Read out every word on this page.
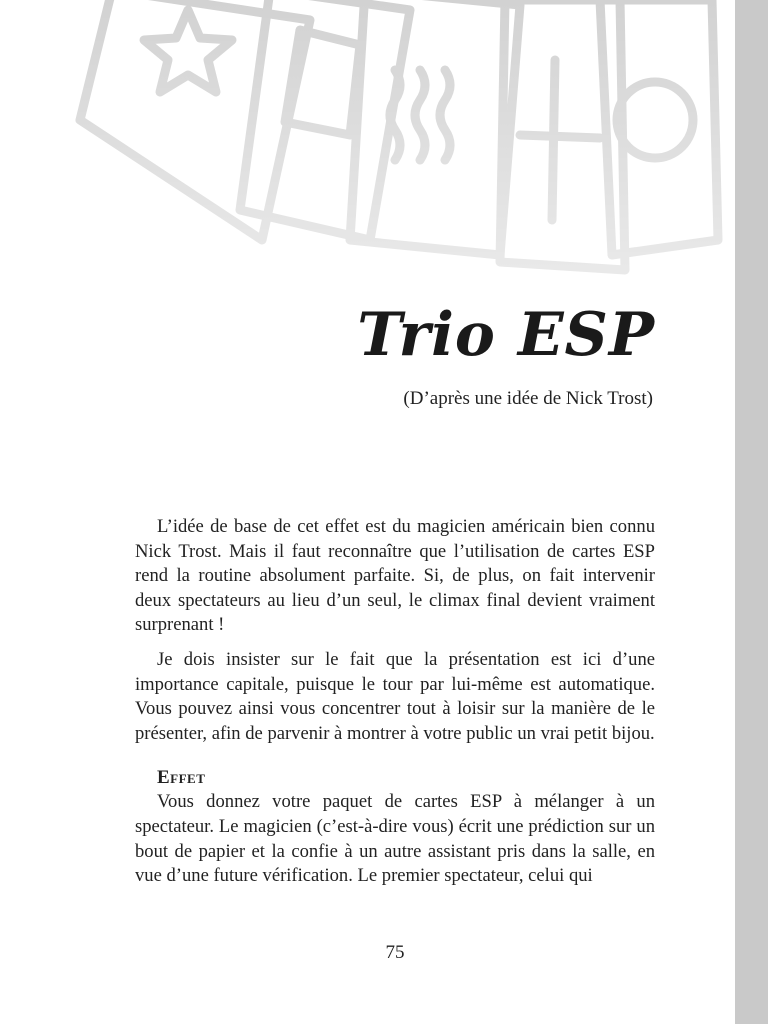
Trio ESP

(D’après une idée de Nick Trost)

L’idée de base de cet effet est du magicien américain bien connu Nick Trost. Mais il faut reconnaître que l’utilisation de cartes ESP rend la routine absolument parfaite. Si, de plus, on fait intervenir deux spectateurs au lieu d’un seul, le climax final devient vraiment surprenant !

Je dois insister sur le fait que la présentation est ici d’une importance capitale, puisque le tour par lui-même est automatique. Vous pouvez ainsi vous concentrer tout à loisir sur la manière de le présenter, afin de parvenir à montrer à votre public un vrai petit bijou.

Effet

Vous donnez votre paquet de cartes ESP à mélanger à un spectateur. Le magicien (c’est-à-dire vous) écrit une prédiction sur un bout de papier et la confie à un autre assistant pris dans la salle, en vue d’une future vérification. Le premier spectateur, celui qui

75
